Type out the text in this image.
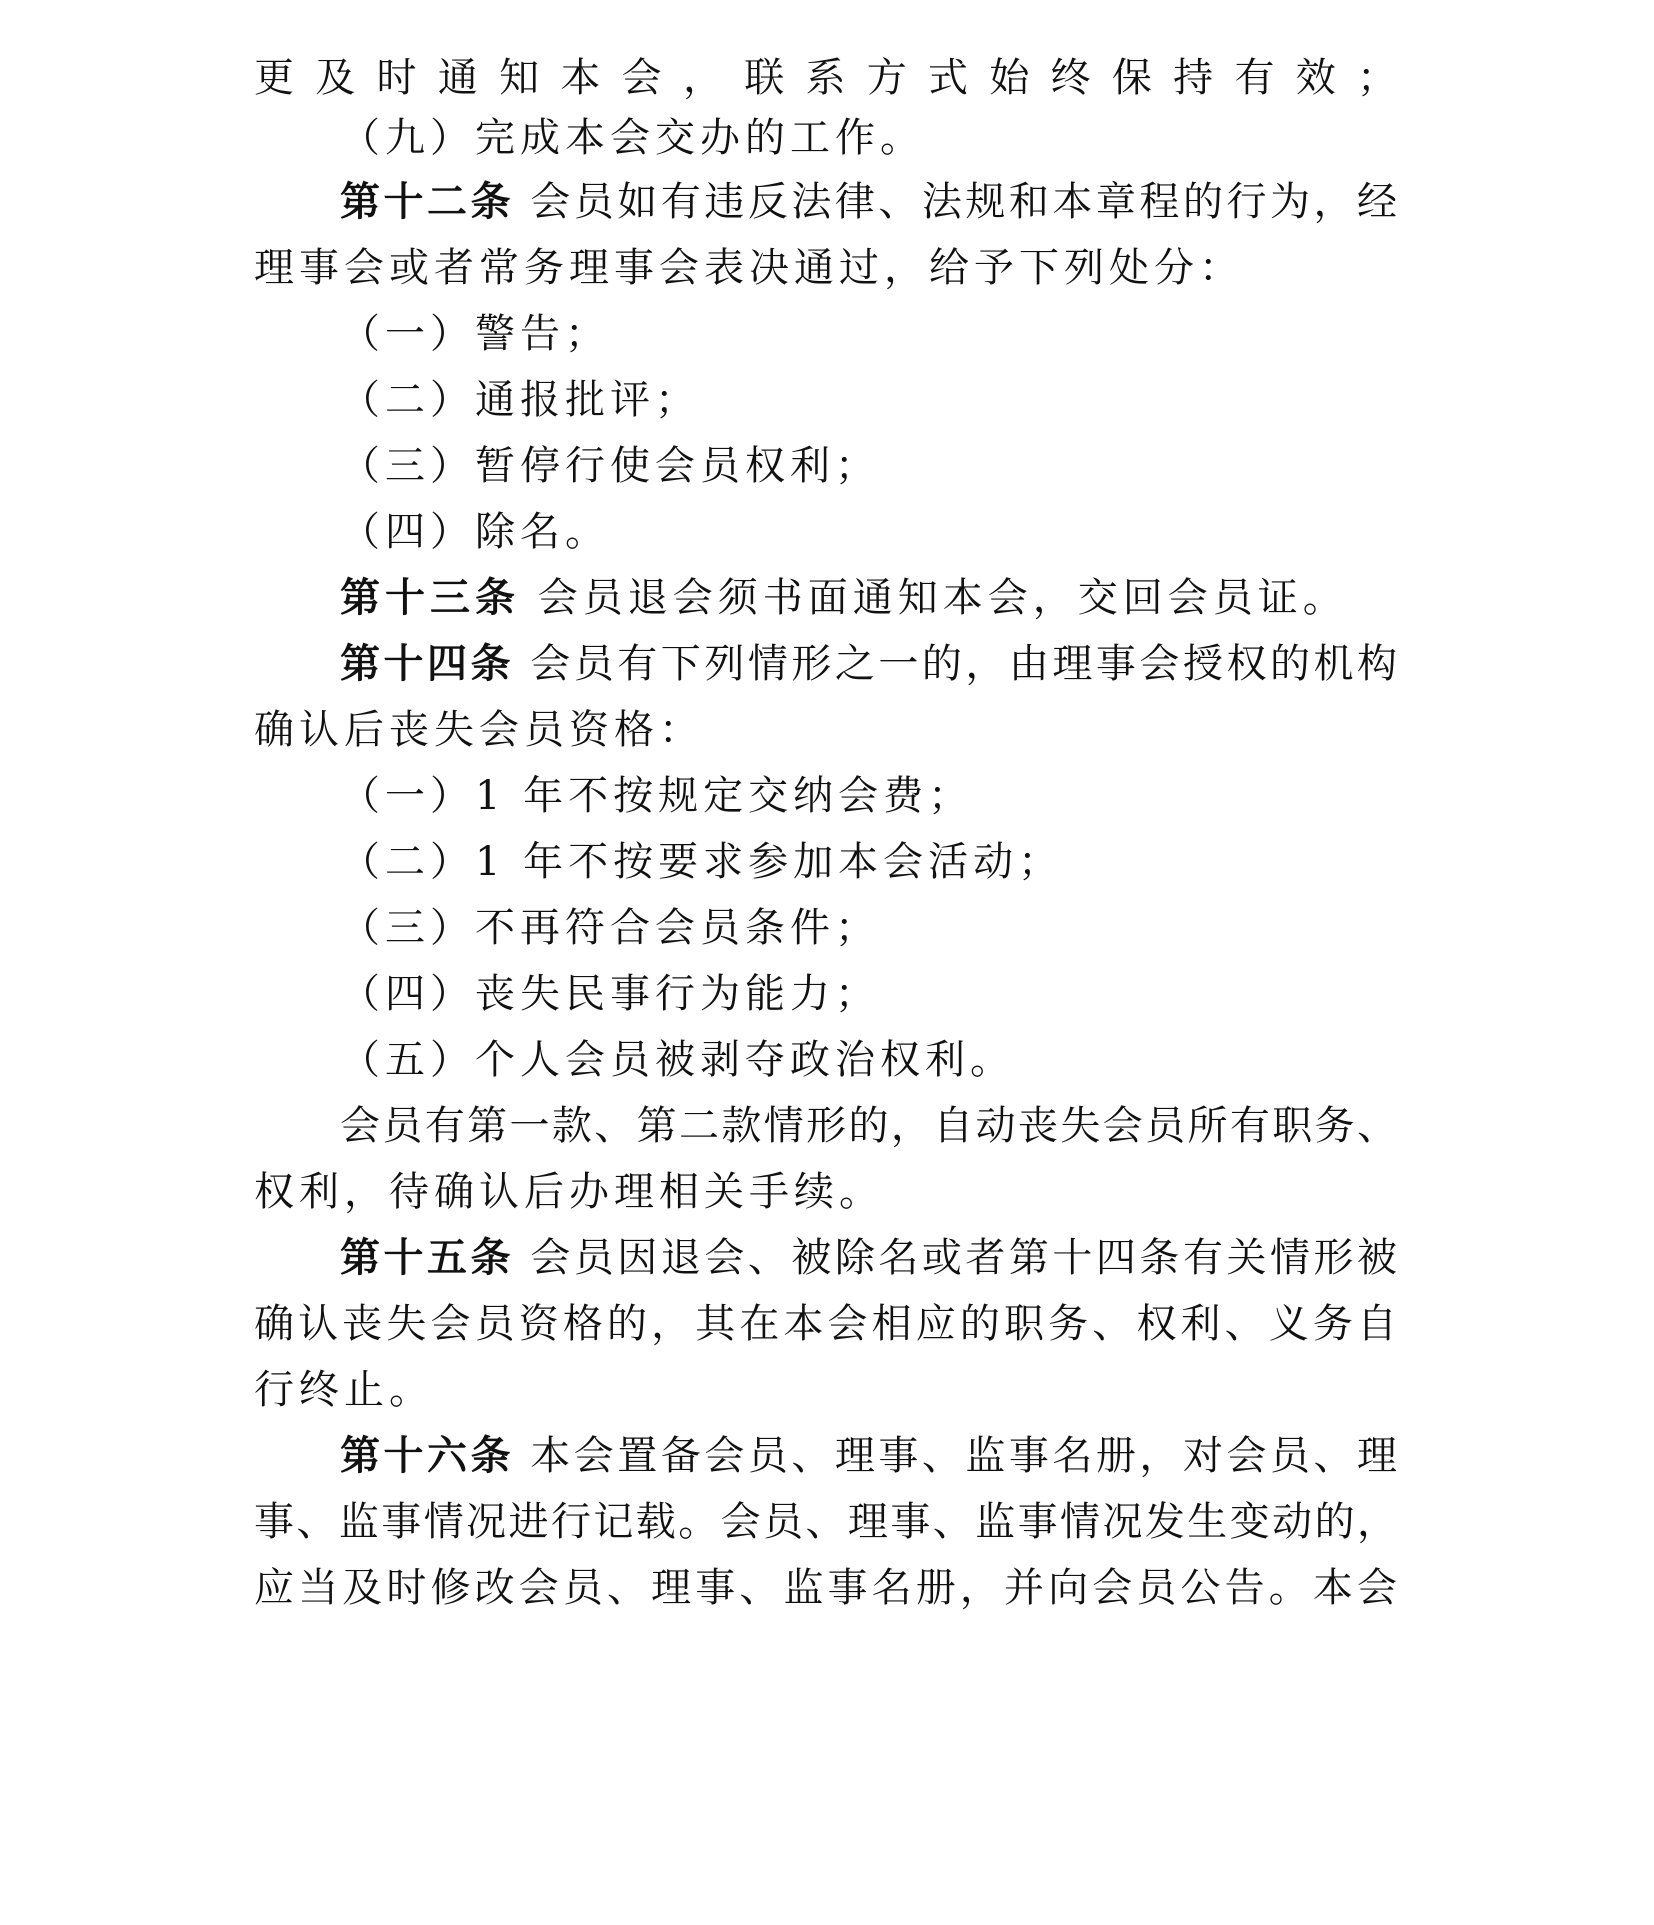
更及时通知本会，联系方式始终保持有效；

（九）完成本会交办的工作。

第十二条 会员如有违反法律、法规和本章程的行为，经

理事会或者常务理事会表决通过，给予下列处分：

（一）警告；

（二）通报批评；

（三）暂停行使会员权利；

（四）除名。

第十三条 会员退会须书面通知本会，交回会员证。

第十四条 会员有下列情形之一的，由理事会授权的机构

确认后丧失会员资格：

（一）1 年不按规定交纳会费；

（二）1 年不按要求参加本会活动；

（三）不再符合会员条件；

（四）丧失民事行为能力；

（五）个人会员被剥夺政治权利。

会员有第一款、第二款情形的，自动丧失会员所有职务、

权利，待确认后办理相关手续。

第十五条 会员因退会、被除名或者第十四条有关情形被

确认丧失会员资格的，其在本会相应的职务、权利、义务自

行终止。

第十六条 本会置备会员、理事、监事名册，对会员、理

事、监事情况进行记载。会员、理事、监事情况发生变动的，

应当及时修改会员、理事、监事名册，并向会员公告。本会
